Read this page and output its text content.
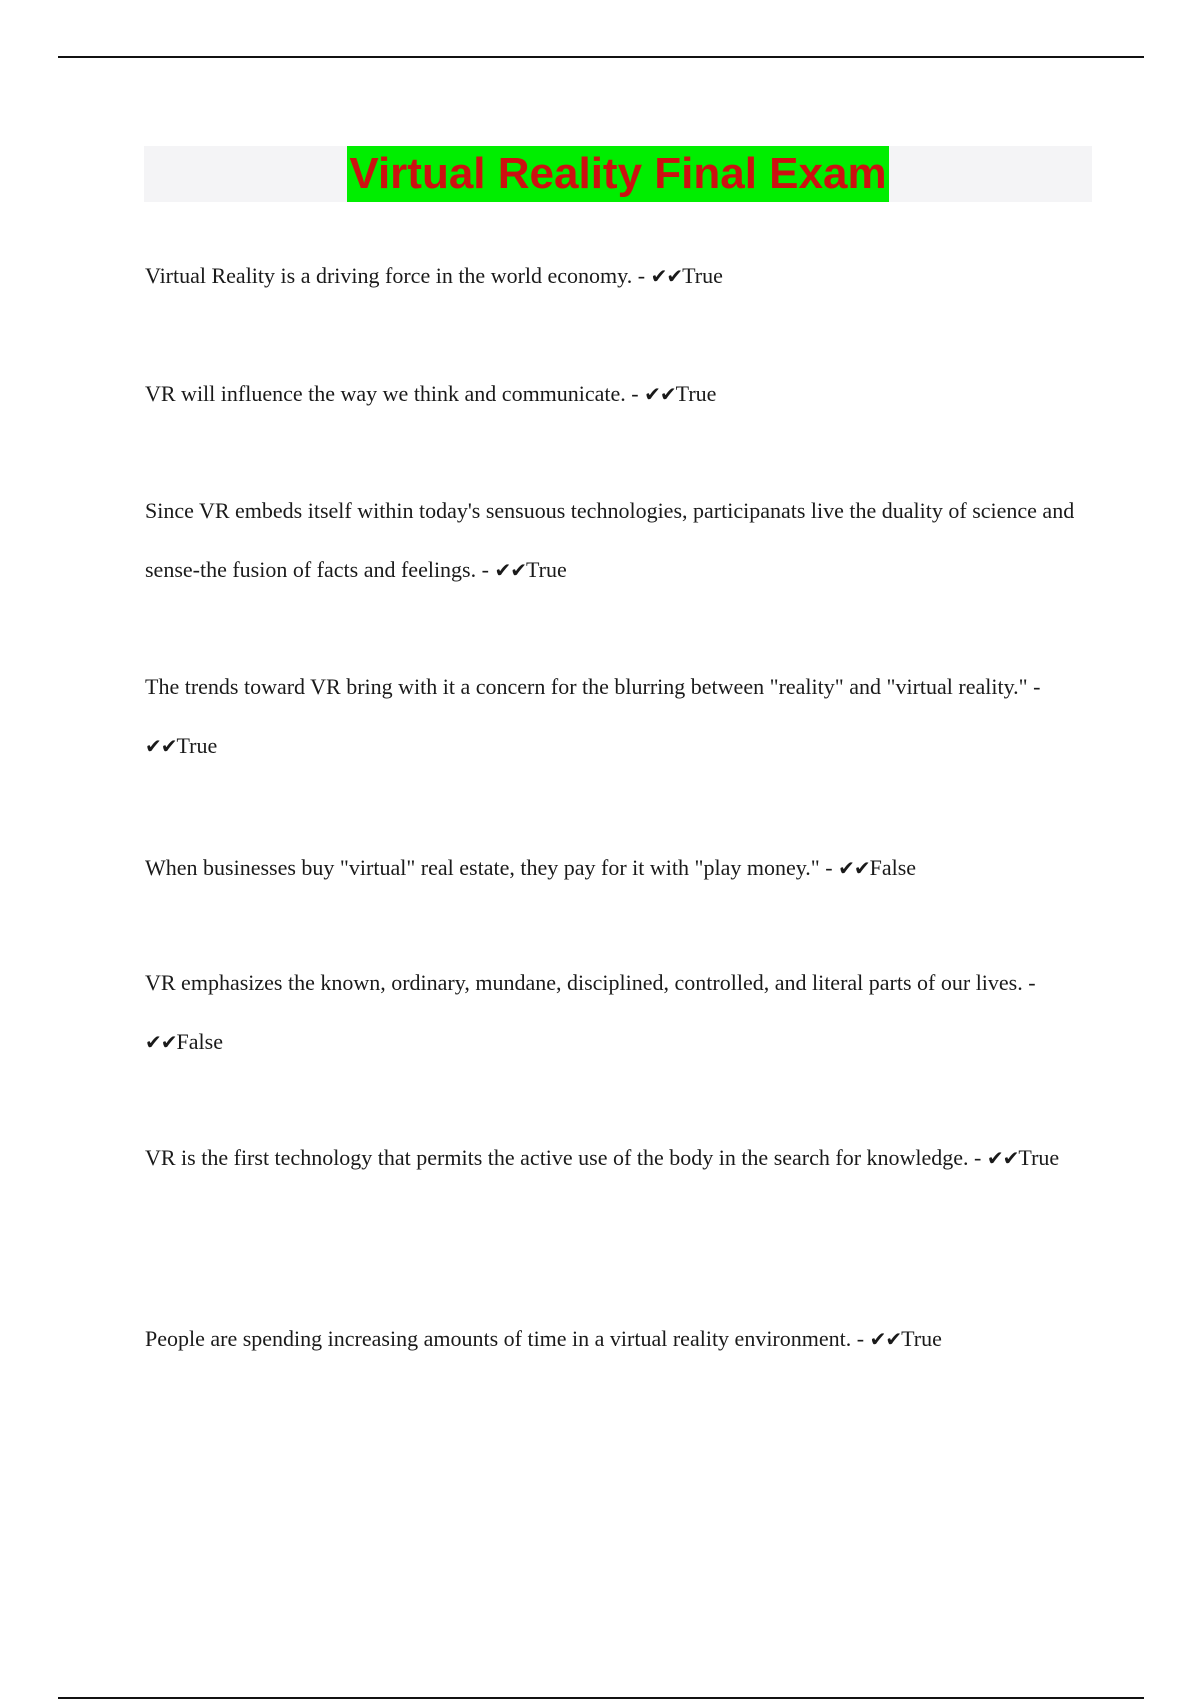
Virtual Reality Final Exam

Virtual Reality is a driving force in the world economy. - ✔✔True

VR will influence the way we think and communicate. - ✔✔True

Since VR embeds itself within today's sensuous technologies, participanats live the duality of science and sense-the fusion of facts and feelings. - ✔✔True

The trends toward VR bring with it a concern for the blurring between "reality" and "virtual reality." - ✔✔True

When businesses buy "virtual" real estate, they pay for it with "play money." - ✔✔False

VR emphasizes the known, ordinary, mundane, disciplined, controlled, and literal parts of our lives. - ✔✔False

VR is the first technology that permits the active use of the body in the search for knowledge. - ✔✔True

People are spending increasing amounts of time in a virtual reality environment. - ✔✔True
